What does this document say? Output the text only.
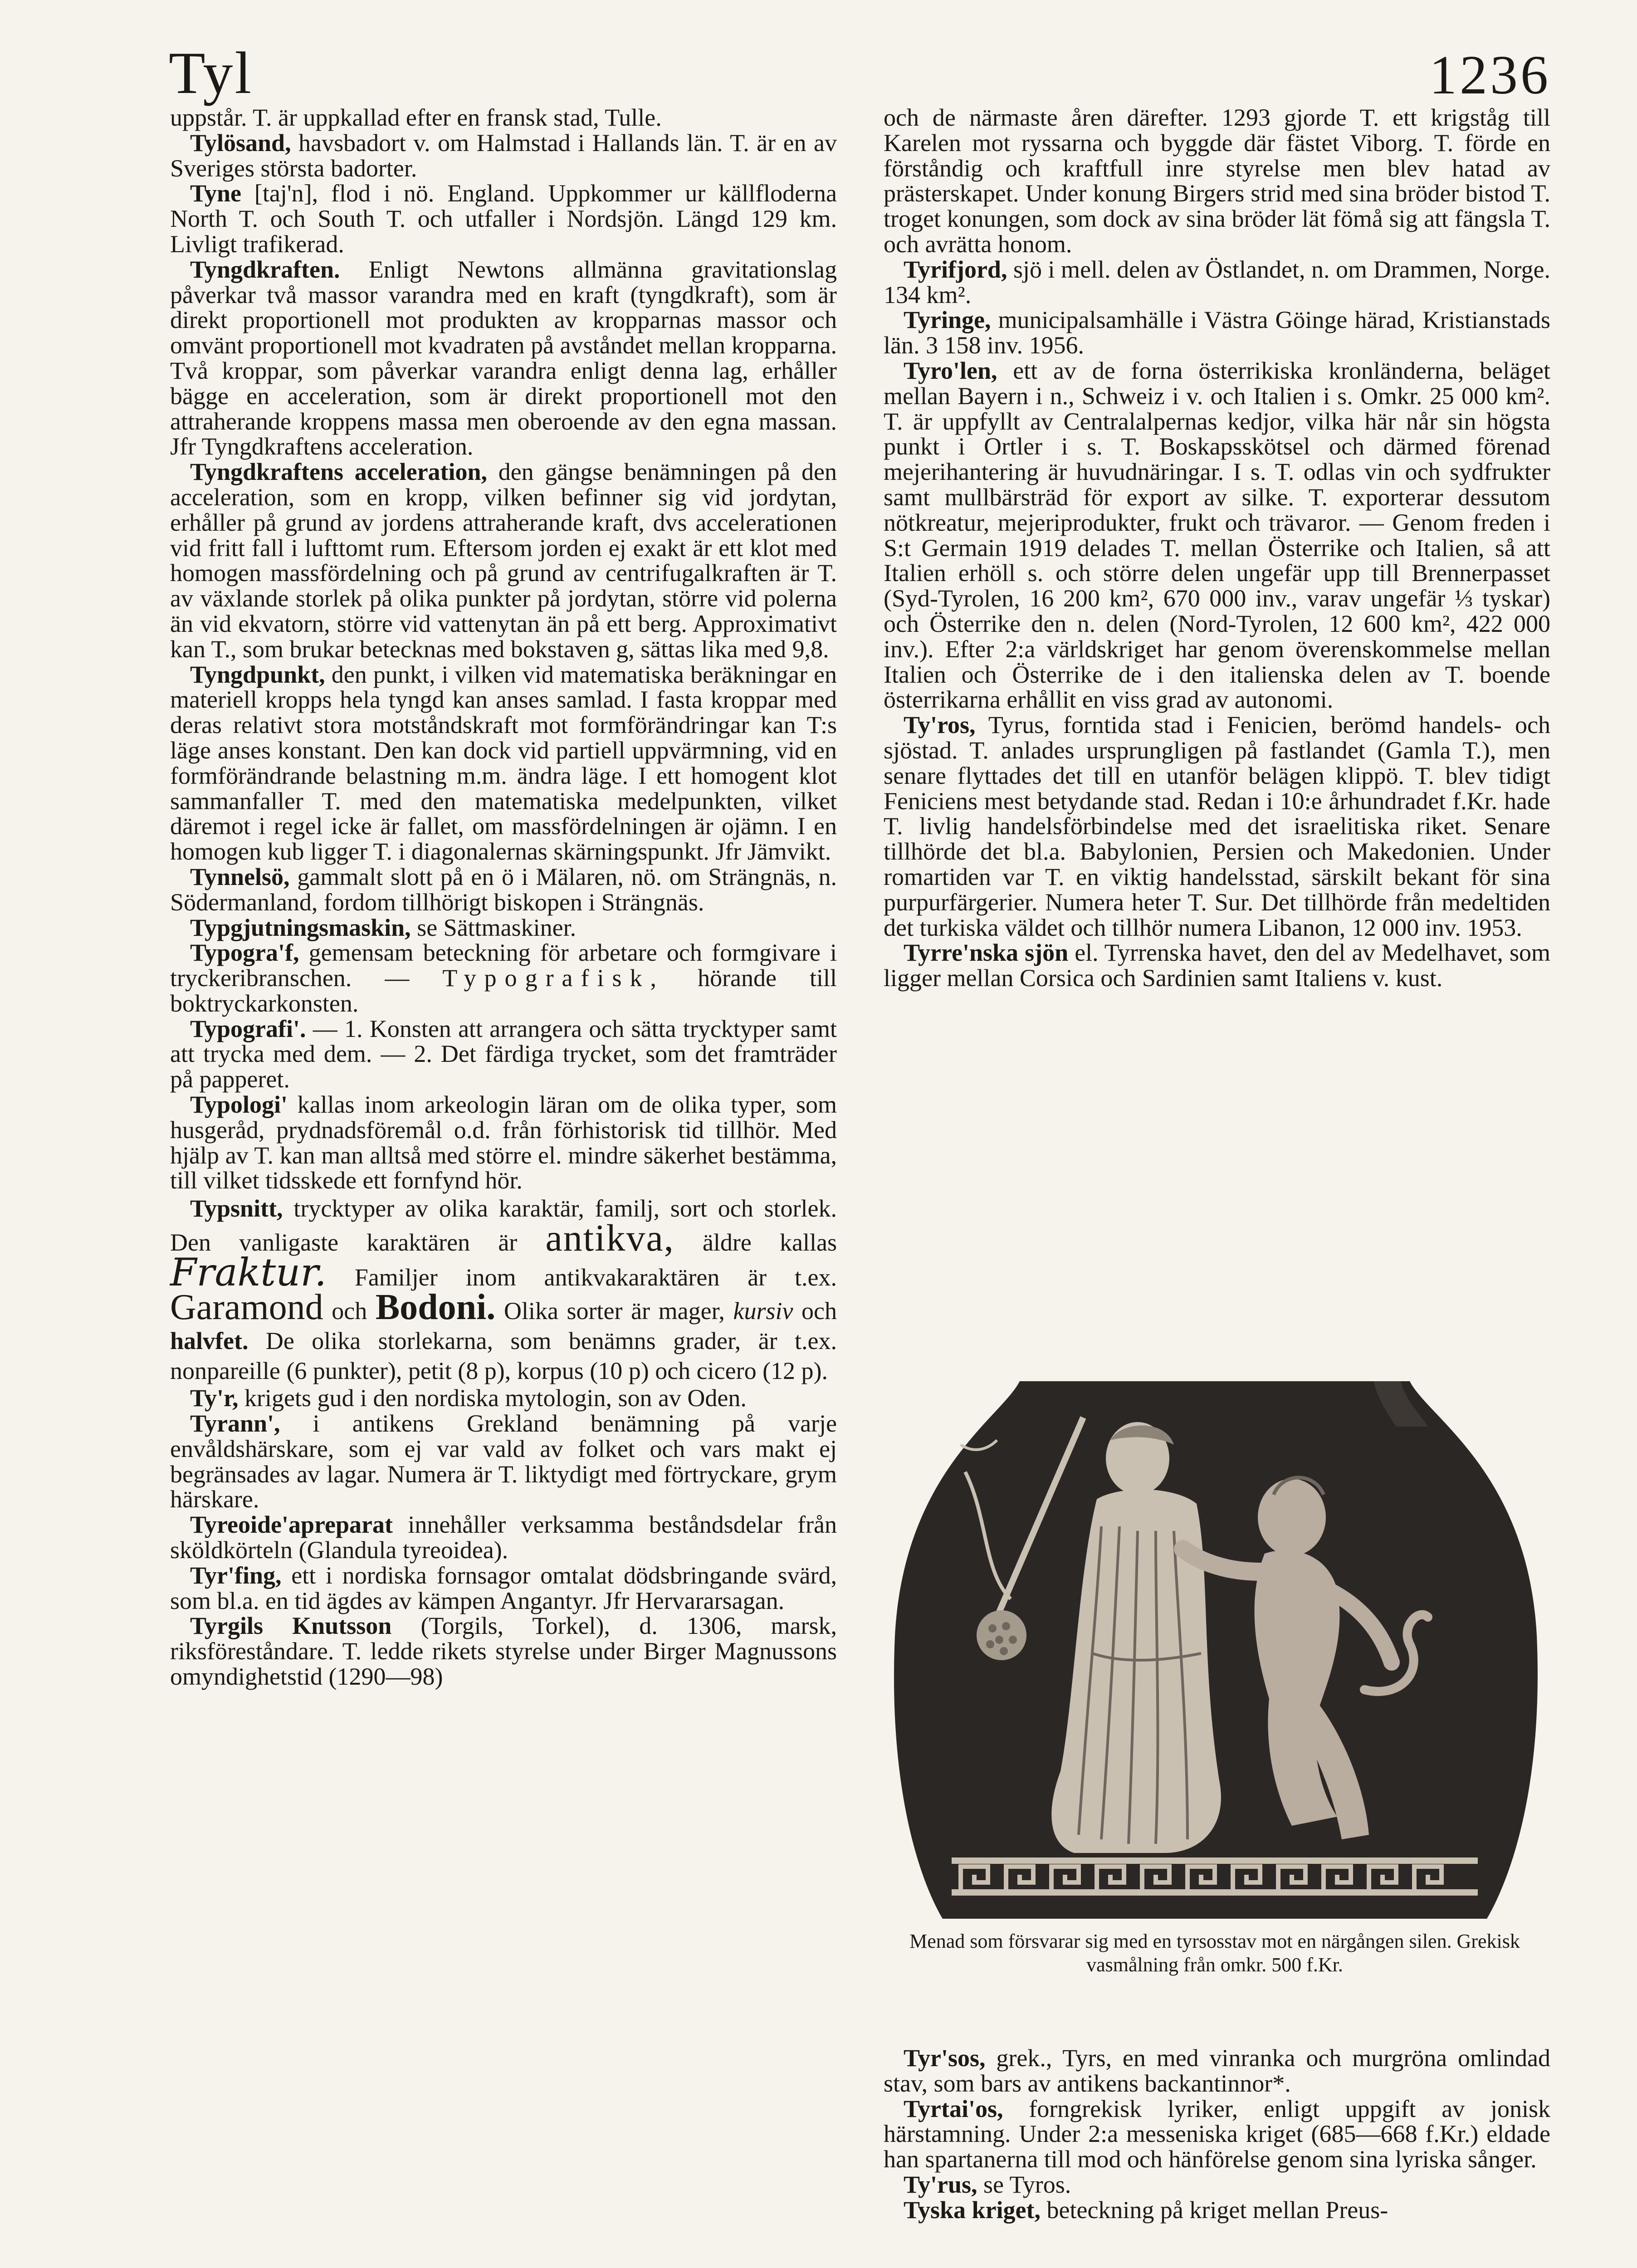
Tyl	1236

uppstår. T. är uppkallad efter en fransk stad, Tulle.

Tylösand, havsbadort v. om Halmstad i Hallands län. T. är en av Sveriges största badorter.

Tyne [taj'n], flod i nö. England. Uppkommer ur källfloderna North T. och South T. och utfaller i Nordsjön. Längd 129 km. Livligt trafikerad.

Tyngdkraften. Enligt Newtons allmänna gravitationslag påverkar två massor varandra med en kraft (tyngdkraft), som är direkt proportionell mot produkten av kropparnas massor och omvänt proportionell mot kvadraten på avståndet mellan kropparna. Två kroppar, som påverkar varandra enligt denna lag, erhåller bägge en acceleration, som är direkt proportionell mot den attraherande kroppens massa men oberoende av den egna massan. Jfr Tyngdkraftens acceleration.

Tyngdkraftens acceleration, den gängse benämningen på den acceleration, som en kropp, vilken befinner sig vid jordytan, erhåller på grund av jordens attraherande kraft, dvs accelerationen vid fritt fall i lufttomt rum. Eftersom jorden ej exakt är ett klot med homogen massfördelning och på grund av centrifugalkraften är T. av växlande storlek på olika punkter på jordytan, större vid polerna än vid ekvatorn, större vid vattenytan än på ett berg. Approximativt kan T., som brukar betecknas med bokstaven g, sättas lika med 9,8.

Tyngdpunkt, den punkt, i vilken vid matematiska beräkningar en materiell kropps hela tyngd kan anses samlad. I fasta kroppar med deras relativt stora motståndskraft mot formförändringar kan T:s läge anses konstant. Den kan dock vid partiell uppvärmning, vid en formförändrande belastning m.m. ändra läge. I ett homogent klot sammanfaller T. med den matematiska medelpunkten, vilket däremot i regel icke är fallet, om massfördelningen är ojämn. I en homogen kub ligger T. i diagonalernas skärningspunkt. Jfr Jämvikt.

Tynnelsö, gammalt slott på en ö i Mälaren, nö. om Strängnäs, n. Södermanland, fordom tillhörigt biskopen i Strängnäs.

Typgjutningsmaskin, se Sättmaskiner.

Typogra'f, gemensam beteckning för arbetare och formgivare i tryckeribranschen. — Typografisk, hörande till boktryckarkonsten.

Typografi'. — 1. Konsten att arrangera och sätta trycktyper samt att trycka med dem. — 2. Det färdiga trycket, som det framträder på papperet.

Typologi' kallas inom arkeologin läran om de olika typer, som husgeråd, prydnadsföremål o.d. från förhistorisk tid tillhör. Med hjälp av T. kan man alltså med större el. mindre säkerhet bestämma, till vilket tidsskede ett fornfynd hör.

Typsnitt, trycktyper av olika karaktär, familj, sort och storlek. Den vanligaste karaktären är antikva, äldre kallas Fraktur. Familjer inom antikvakaraktären är t.ex. Garamond och Bodoni. Olika sorter är mager, kursiv och halvfet. De olika storlekarna, som benämns grader, är t.ex. nonpareille (6 punkter), petit (8 p), korpus (10 p) och cicero (12 p).

Ty'r, krigets gud i den nordiska mytologin, son av Oden.

Tyrann', i antikens Grekland benämning på varje envåldshärskare, som ej var vald av folket och vars makt ej begränsades av lagar. Numera är T. liktydigt med förtryckare, grym härskare.

Tyreoide'apreparat innehåller verksamma beståndsdelar från sköldkörteln (Glandula tyreoidea).

Tyr'fing, ett i nordiska fornsagor omtalat dödsbringande svärd, som bl.a. en tid ägdes av kämpen Angantyr. Jfr Hervararsagan.

Tyrgils Knutsson (Torgils, Torkel), d. 1306, marsk, riksföreståndare. T. ledde rikets styrelse under Birger Magnussons omyndighetstid (1290—98)

och de närmaste åren därefter. 1293 gjorde T. ett krigståg till Karelen mot ryssarna och byggde där fästet Viborg. T. förde en förståndig och kraftfull inre styrelse men blev hatad av prästerskapet. Under konung Birgers strid med sina bröder bistod T. troget konungen, som dock av sina bröder lät fömå sig att fängsla T. och avrätta honom.

Tyrifjord, sjö i mell. delen av Östlandet, n. om Drammen, Norge. 134 km².

Tyringe, municipalsamhälle i Västra Göinge härad, Kristianstads län. 3 158 inv. 1956.

Tyro'len, ett av de forna österrikiska kronländerna, beläget mellan Bayern i n., Schweiz i v. och Italien i s. Omkr. 25 000 km². T. är uppfyllt av Centralalpernas kedjor, vilka här når sin högsta punkt i Ortler i s. T. Boskapsskötsel och därmed förenad mejerihantering är huvudnäringar. I s. T. odlas vin och sydfrukter samt mullbärsträd för export av silke. T. exporterar dessutom nötkreatur, mejeriprodukter, frukt och trävaror. — Genom freden i S:t Germain 1919 delades T. mellan Österrike och Italien, så att Italien erhöll s. och större delen ungefär upp till Brennerpasset (Syd-Tyrolen, 16 200 km², 670 000 inv., varav ungefär ⅓ tyskar) och Österrike den n. delen (Nord-Tyrolen, 12 600 km², 422 000 inv.). Efter 2:a världskriget har genom överenskommelse mellan Italien och Österrike de i den italienska delen av T. boende österrikarna erhållit en viss grad av autonomi.

Ty'ros, Tyrus, forntida stad i Fenicien, berömd handels- och sjöstad. T. anlades ursprungligen på fastlandet (Gamla T.), men senare flyttades det till en utanför belägen klippö. T. blev tidigt Feniciens mest betydande stad. Redan i 10:e århundradet f.Kr. hade T. livlig handelsförbindelse med det israelitiska riket. Senare tillhörde det bl.a. Babylonien, Persien och Makedonien. Under romartiden var T. en viktig handelsstad, särskilt bekant för sina purpurfärgerier. Numera heter T. Sur. Det tillhörde från medeltiden det turkiska väldet och tillhör numera Libanon, 12 000 inv. 1953.

Tyrre'nska sjön el. Tyrrenska havet, den del av Medelhavet, som ligger mellan Corsica och Sardinien samt Italiens v. kust.

Menad som försvarar sig med en tyrsosstav mot en närgången silen. Grekisk vasmålning från omkr. 500 f.Kr.

Tyr'sos, grek., Tyrs, en med vinranka och murgröna omlindad stav, som bars av antikens backantinnor*.

Tyrtai'os, forngrekisk lyriker, enligt uppgift av jonisk härstamning. Under 2:a messeniska kriget (685—668 f.Kr.) eldade han spartanerna till mod och hänförelse genom sina lyriska sånger.

Ty'rus, se Tyros.

Tyska kriget, beteckning på kriget mellan Preus-
